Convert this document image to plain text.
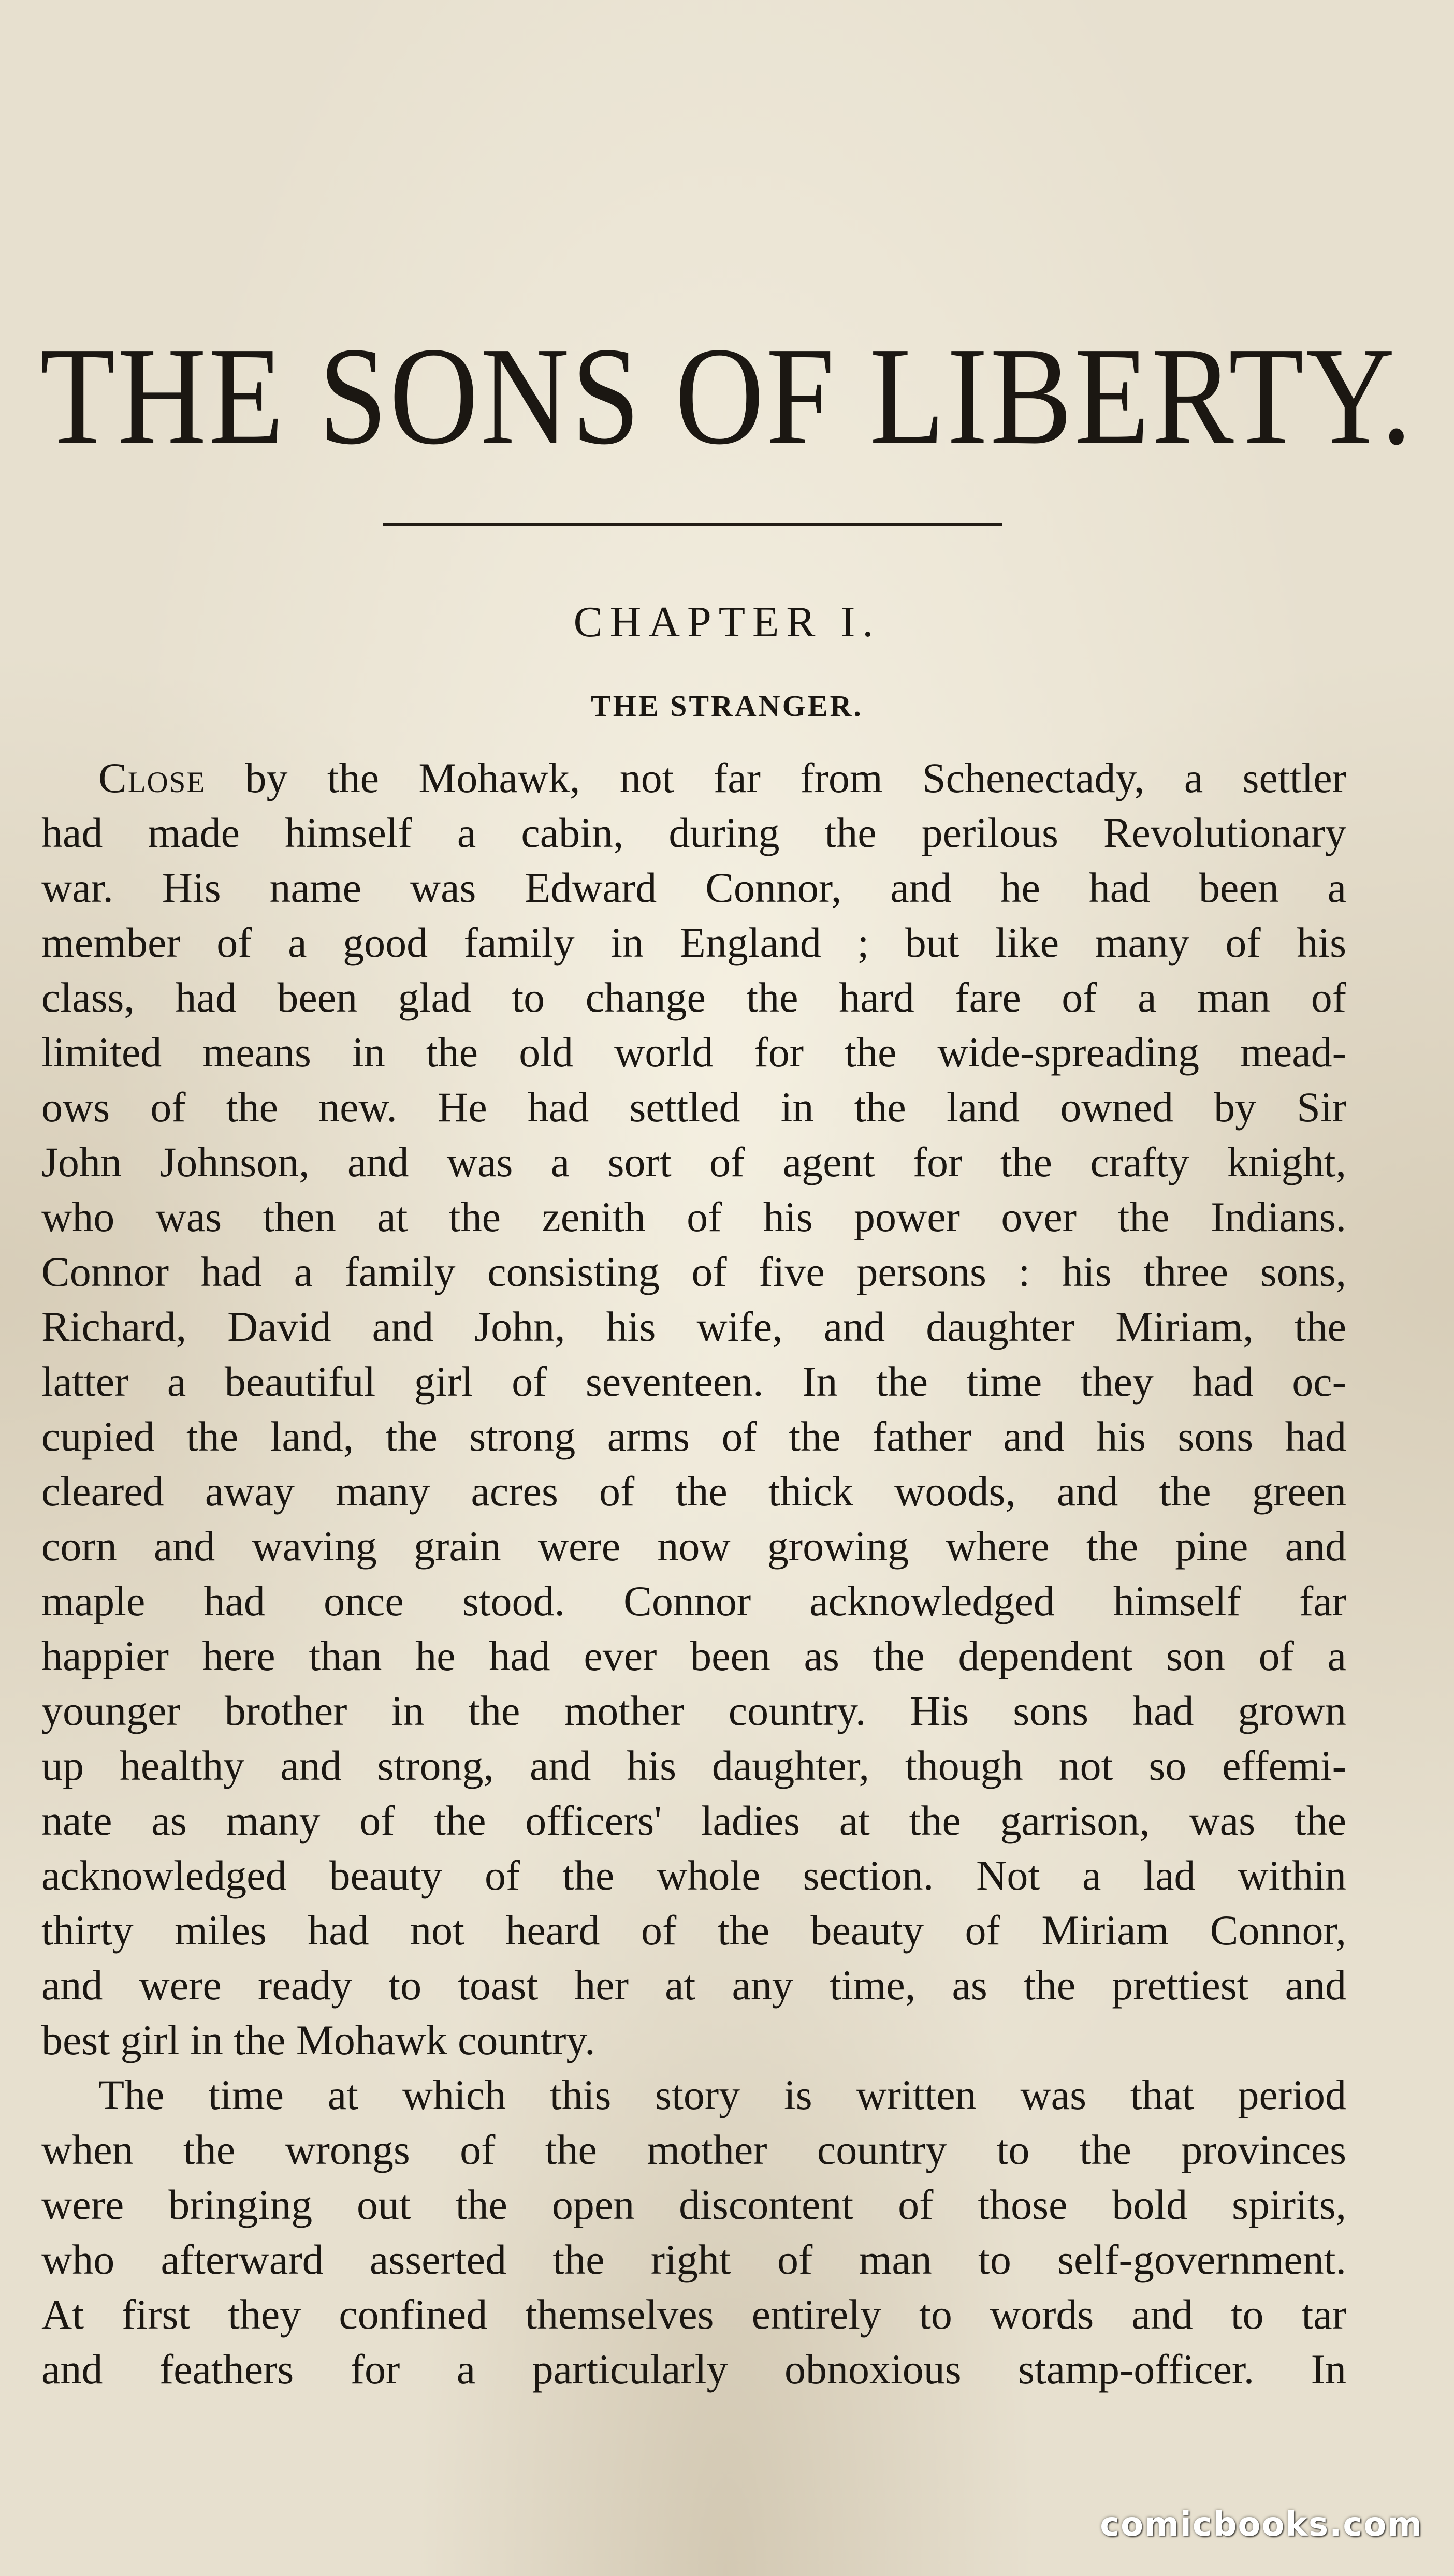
THE SONS OF LIBERTY.
CHAPTER I.
THE STRANGER.
Close by the Mohawk, not far from Schenectady, a settler
had made himself a cabin, during the perilous Revolutionary
war. His name was Edward Connor, and he had been a
member of a good family in England ; but like many of his
class, had been glad to change the hard fare of a man of
limited means in the old world for the wide-spreading mead-
ows of the new. He had settled in the land owned by Sir
John Johnson, and was a sort of agent for the crafty knight,
who was then at the zenith of his power over the Indians.
Connor had a family consisting of five persons : his three sons,
Richard, David and John, his wife, and daughter Miriam, the
latter a beautiful girl of seventeen. In the time they had oc-
cupied the land, the strong arms of the father and his sons had
cleared away many acres of the thick woods, and the green
corn and waving grain were now growing where the pine and
maple had once stood. Connor acknowledged himself far
happier here than he had ever been as the dependent son of a
younger brother in the mother country. His sons had grown
up healthy and strong, and his daughter, though not so effemi-
nate as many of the officers' ladies at the garrison, was the
acknowledged beauty of the whole section. Not a lad within
thirty miles had not heard of the beauty of Miriam Connor,
and were ready to toast her at any time, as the prettiest and
best girl in the Mohawk country.
The time at which this story is written was that period
when the wrongs of the mother country to the provinces
were bringing out the open discontent of those bold spirits,
who afterward asserted the right of man to self-government.
At first they confined themselves entirely to words and to tar
and feathers for a particularly obnoxious stamp-officer. In
comicbooks.com
